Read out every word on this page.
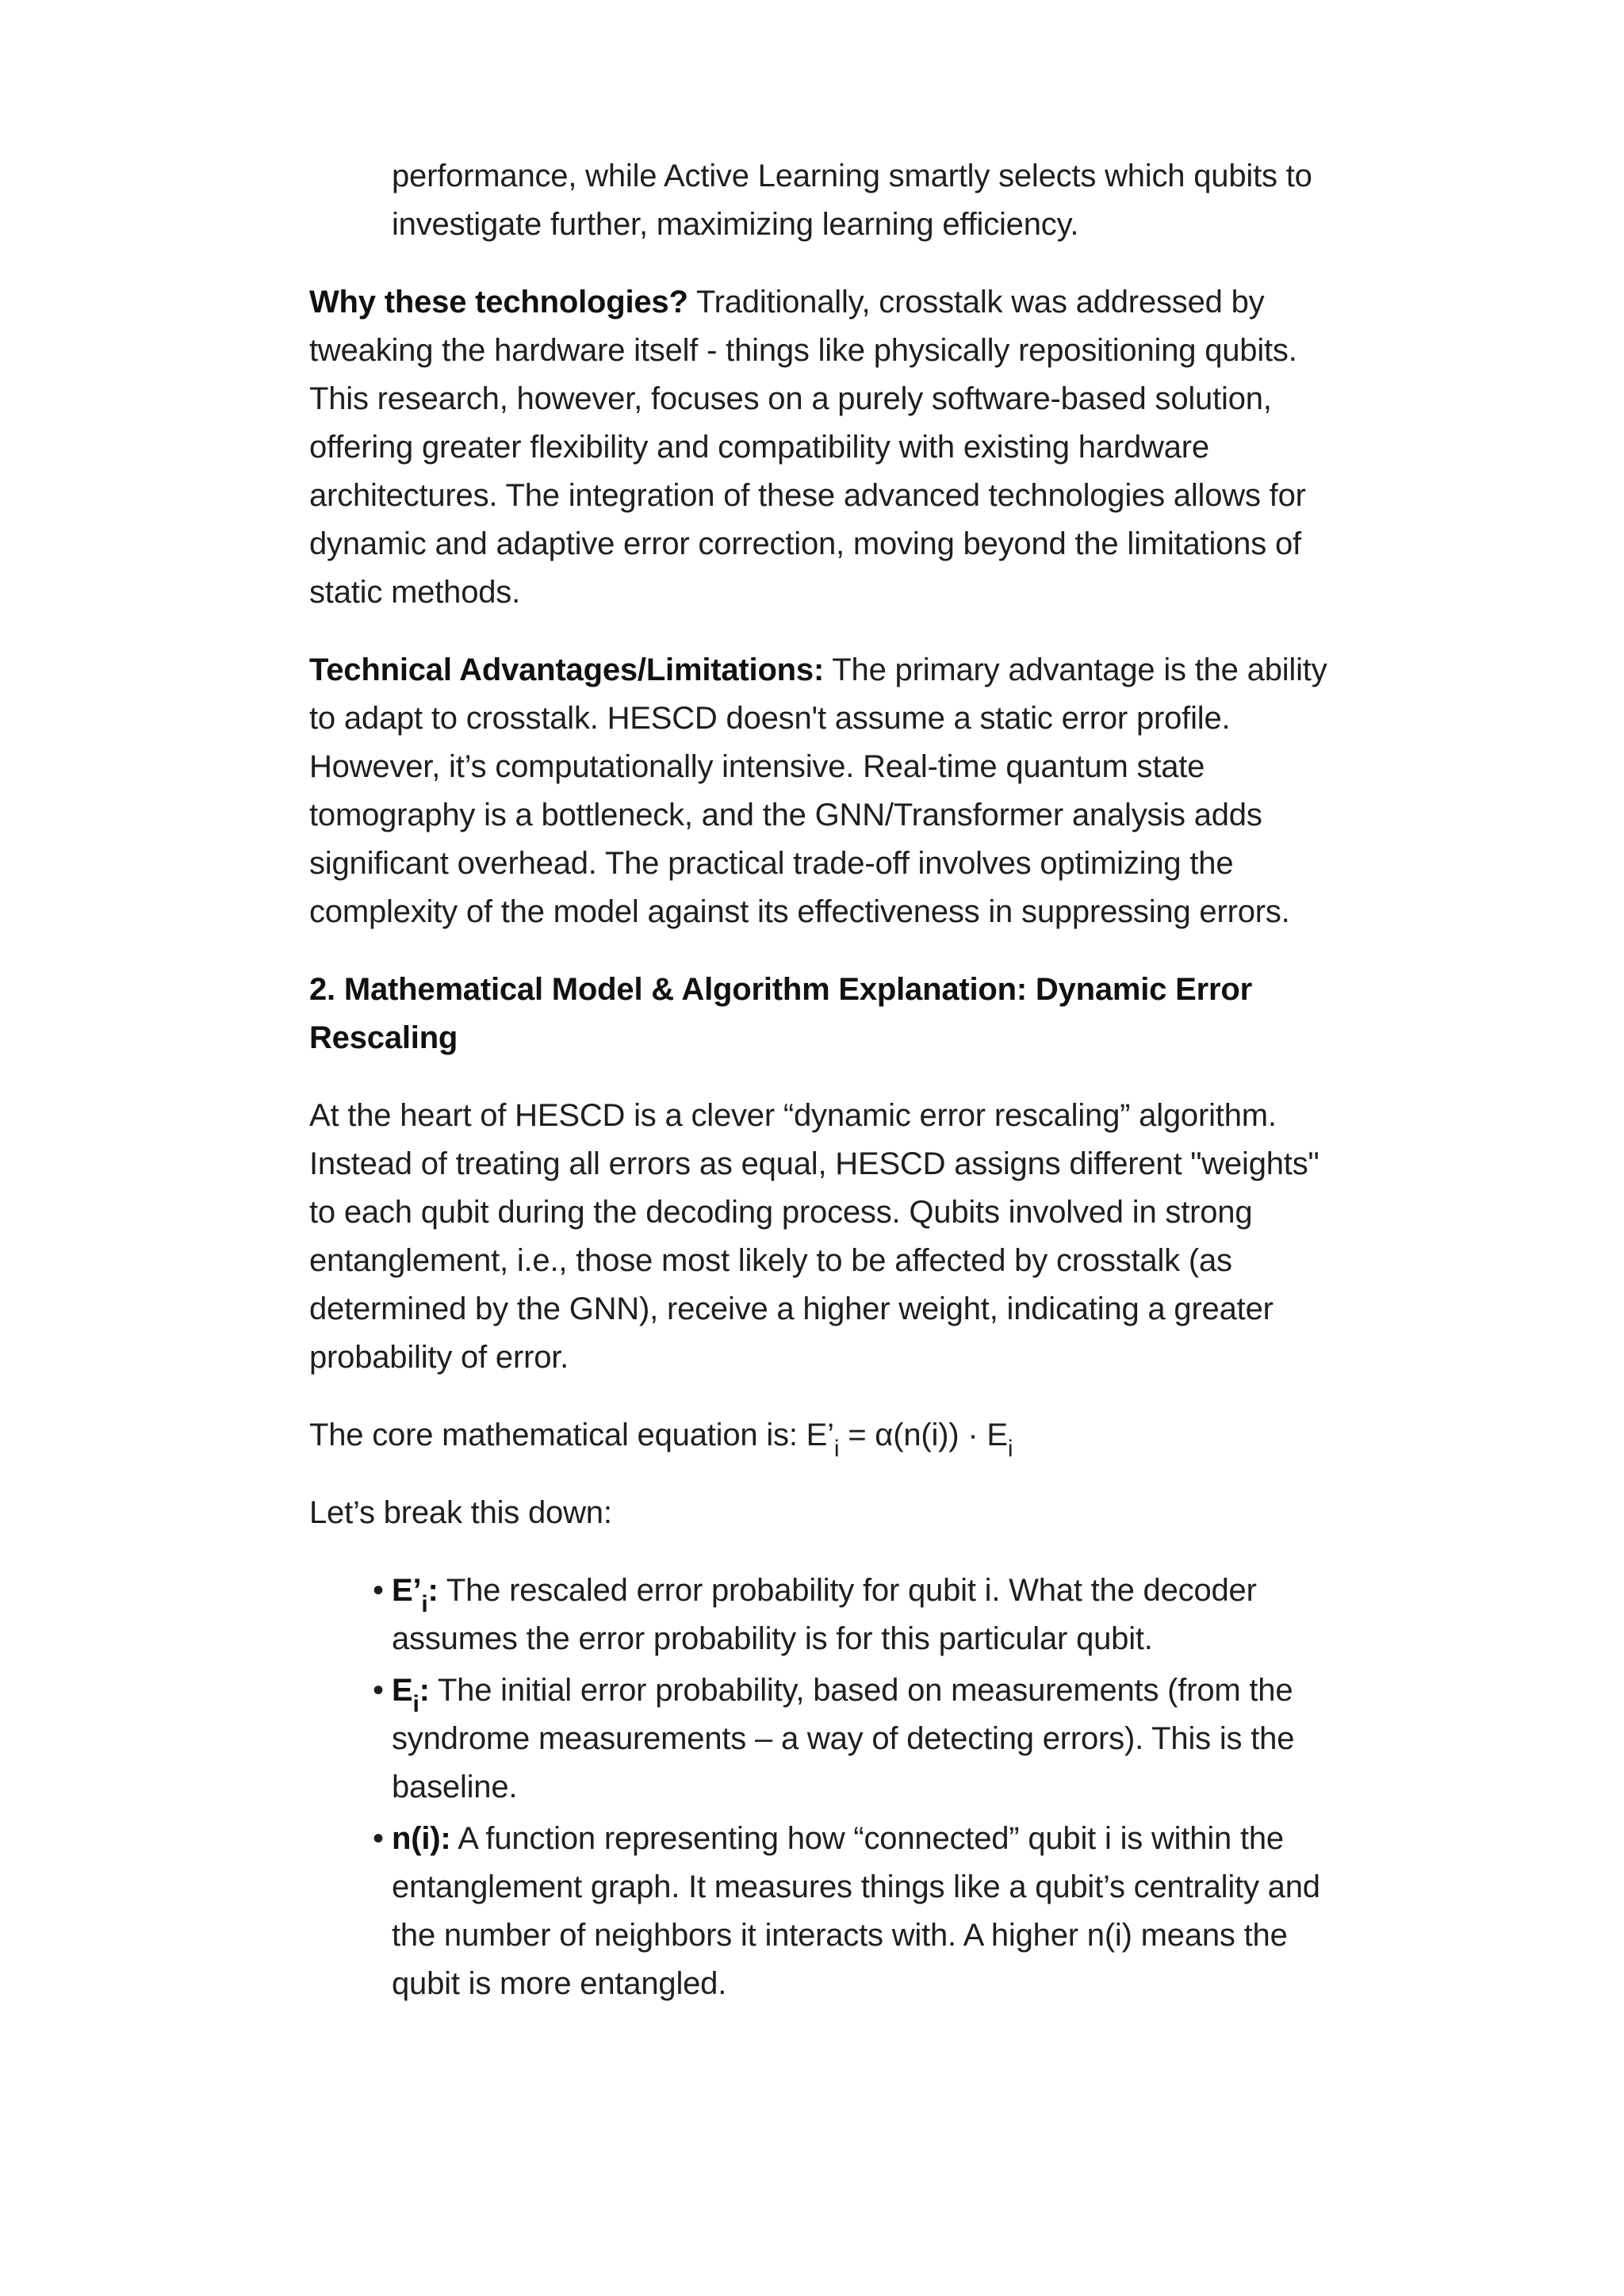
performance, while Active Learning smartly selects which qubits to investigate further, maximizing learning efficiency.

Why these technologies? Traditionally, crosstalk was addressed by tweaking the hardware itself - things like physically repositioning qubits. This research, however, focuses on a purely software-based solution, offering greater flexibility and compatibility with existing hardware architectures. The integration of these advanced technologies allows for dynamic and adaptive error correction, moving beyond the limitations of static methods.

Technical Advantages/Limitations: The primary advantage is the ability to adapt to crosstalk. HESCD doesn't assume a static error profile. However, it’s computationally intensive. Real-time quantum state tomography is a bottleneck, and the GNN/Transformer analysis adds significant overhead. The practical trade-off involves optimizing the complexity of the model against its effectiveness in suppressing errors.

2. Mathematical Model & Algorithm Explanation: Dynamic Error Rescaling

At the heart of HESCD is a clever “dynamic error rescaling” algorithm. Instead of treating all errors as equal, HESCD assigns different "weights" to each qubit during the decoding process. Qubits involved in strong entanglement, i.e., those most likely to be affected by crosstalk (as determined by the GNN), receive a higher weight, indicating a greater probability of error.

The core mathematical equation is: $E’_i = \alpha(n(i)) \cdot E_i$

Let’s break this down:

• $E’_i$: The rescaled error probability for qubit i. What the decoder assumes the error probability is for this particular qubit.
• $E_i$: The initial error probability, based on measurements (from the syndrome measurements – a way of detecting errors). This is the baseline.
• n(i): A function representing how “connected” qubit i is within the entanglement graph. It measures things like a qubit’s centrality and the number of neighbors it interacts with. A higher n(i) means the qubit is more entangled.
